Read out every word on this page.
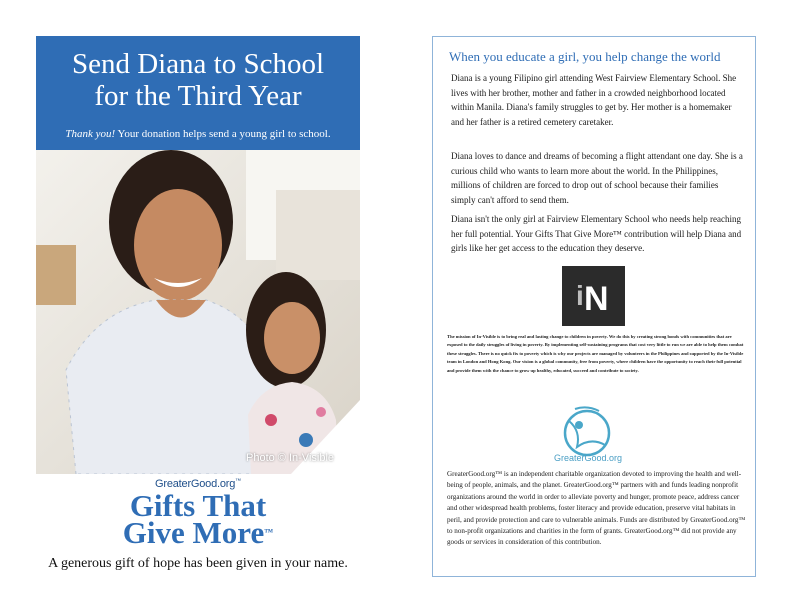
Send Diana to School
for the Third Year
Thank you! Your donation helps send a young girl to school.
Photo © In-Visible
GreaterGood.org™
Gifts That
Give More™
A generous gift of hope has been given in your name.
When you educate a girl, you help change the world
Diana is a young Filipino girl attending West Fairview Elementary School. She lives with her brother, mother and father in a crowded neighborhood located within Manila. Diana's family struggles to get by. Her mother is a homemaker and her father is a retired cemetery caretaker.
Diana loves to dance and dreams of becoming a flight attendant one day. She is a curious child who wants to learn more about the world. In the Philippines, millions of children are forced to drop out of school because their families simply can't afford to send them.
Diana isn't the only girl at Fairview Elementary School who needs help reaching her full potential. Your Gifts That Give More™ contribution will help Diana and girls like her get access to the education they deserve.
i N
The mission of In-Visible is to bring real and lasting change to children in poverty. We do this by creating strong bonds with communities that are exposed to the daily struggles of living in poverty. By implementing self-sustaining programs that cost very little to run we are able to help them combat these struggles. There is no quick fix to poverty which is why our projects are managed by volunteers in the Philippines and supported by the In-Visible team in London and Hong Kong. Our vision is a global community, free from poverty, where children have the opportunity to reach their full potential and provide them with the chance to grow up healthy, educated, succeed and contribute to society.
GreaterGood.org
GreaterGood.org™ is an independent charitable organization devoted to improving the health and well-being of people, animals, and the planet. GreaterGood.org™ partners with and funds leading nonprofit organizations around the world in order to alleviate poverty and hunger, promote peace, address cancer and other widespread health problems, foster literacy and provide education, preserve vital habitats in peril, and provide protection and care to vulnerable animals. Funds are distributed by GreaterGood.org™ to non-profit organizations and charities in the form of grants. GreaterGood.org™ did not provide any goods or services in consideration of this contribution.
